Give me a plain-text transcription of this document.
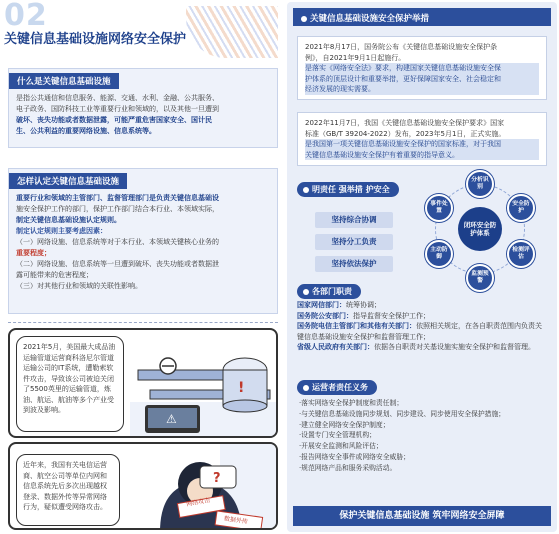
02
关键信息基础设施网络安全保护
什么是关键信息基础设施
是指公共通信和信息服务、能源、交通、水利、金融、公共服务、
电子政务、国防科技工业等重要行业和领域的，以及其他一旦遭到
破坏、丧失功能或者数据泄露，可能严重危害国家安全、国计民
生、公共利益的重要网络设施、信息系统等。
怎样认定关键信息基础设施
重要行业和领域的主管部门、监督管理部门是负责关键信息基础设
施安全保护工作的部门，保护工作部门结合本行业、本领域实际，
制定关键信息基础设施认定规则。
制定认定规则主要考虑因素：
（一）网络设施、信息系统等对于本行业、本领域关键核心业务的
重要程度；
（二）网络设施、信息系统等一旦遭到破坏、丧失功能或者数据泄
露可能带来的危害程度；
（三）对其他行业和领域的关联性影响。
!
⚠
2021年5月，美国最大成品油运输管道运营商科洛尼尔管道运输公司的IT系统，遭勒索软件攻击，导致该公司被迫关闭了5500英里的运输管道，炼油、航运、航油等多个产业受到波及影响。
?
近年来，我国有关电信运营商、航空公司等单位内网和信息系统先后多次出现越权登录、数据外传等异常网络行为，疑似遭受网络攻击。	网络攻击
数据外传
关键信息基础设施安全保护举措
2021年8月17日，国务院公布《关键信息基础设施安全保护条
例》，自2021年9月1日起施行。
是落实《网络安全法》要求，构建国家关键信息基础设施安全保
护体系的顶层设计和重要举措，更好保障国家安全、社会稳定和
经济发展的现实需要。
2022年11月7日，我国《关键信息基础设施安全保护要求》国家
标准（GB/T 39204-2022）发布，2023年5月1日，正式实施。
是我国第一项关键信息基础设施安全保护的国家标准，对于我国
关键信息基础设施安全保护有着重要的指导意义。
明责任 强举措 护安全
坚持综合协调
坚持分工负责
坚持依法保护
闭环安全防护体系
分析识别
安全防护
检测评估
监测预警
主动防御
事件处置
各部门职责
国家网信部门：统筹协调；
国务院公安部门：指导监督安全保护工作；
国务院电信主管部门和其他有关部门：依照相关规定，在各自职责范围内负责关键信息基础设施安全保护和监督管理工作；
省级人民政府有关部门：依据各自职责对关基设施实施安全保护和监督管理。
运营者责任义务
·落实网络安全保护制度和责任制；
·与关键信息基础设施同步规划、同步建设、同步使用安全保护措施；
·建立健全网络安全保护制度；
·设置专门安全管理机构；
·开展安全监测和风险评估；
·报告网络安全事件或网络安全威胁；
·规范网络产品和服务采购活动。
保护关键信息基础设施 筑牢网络安全屏障
